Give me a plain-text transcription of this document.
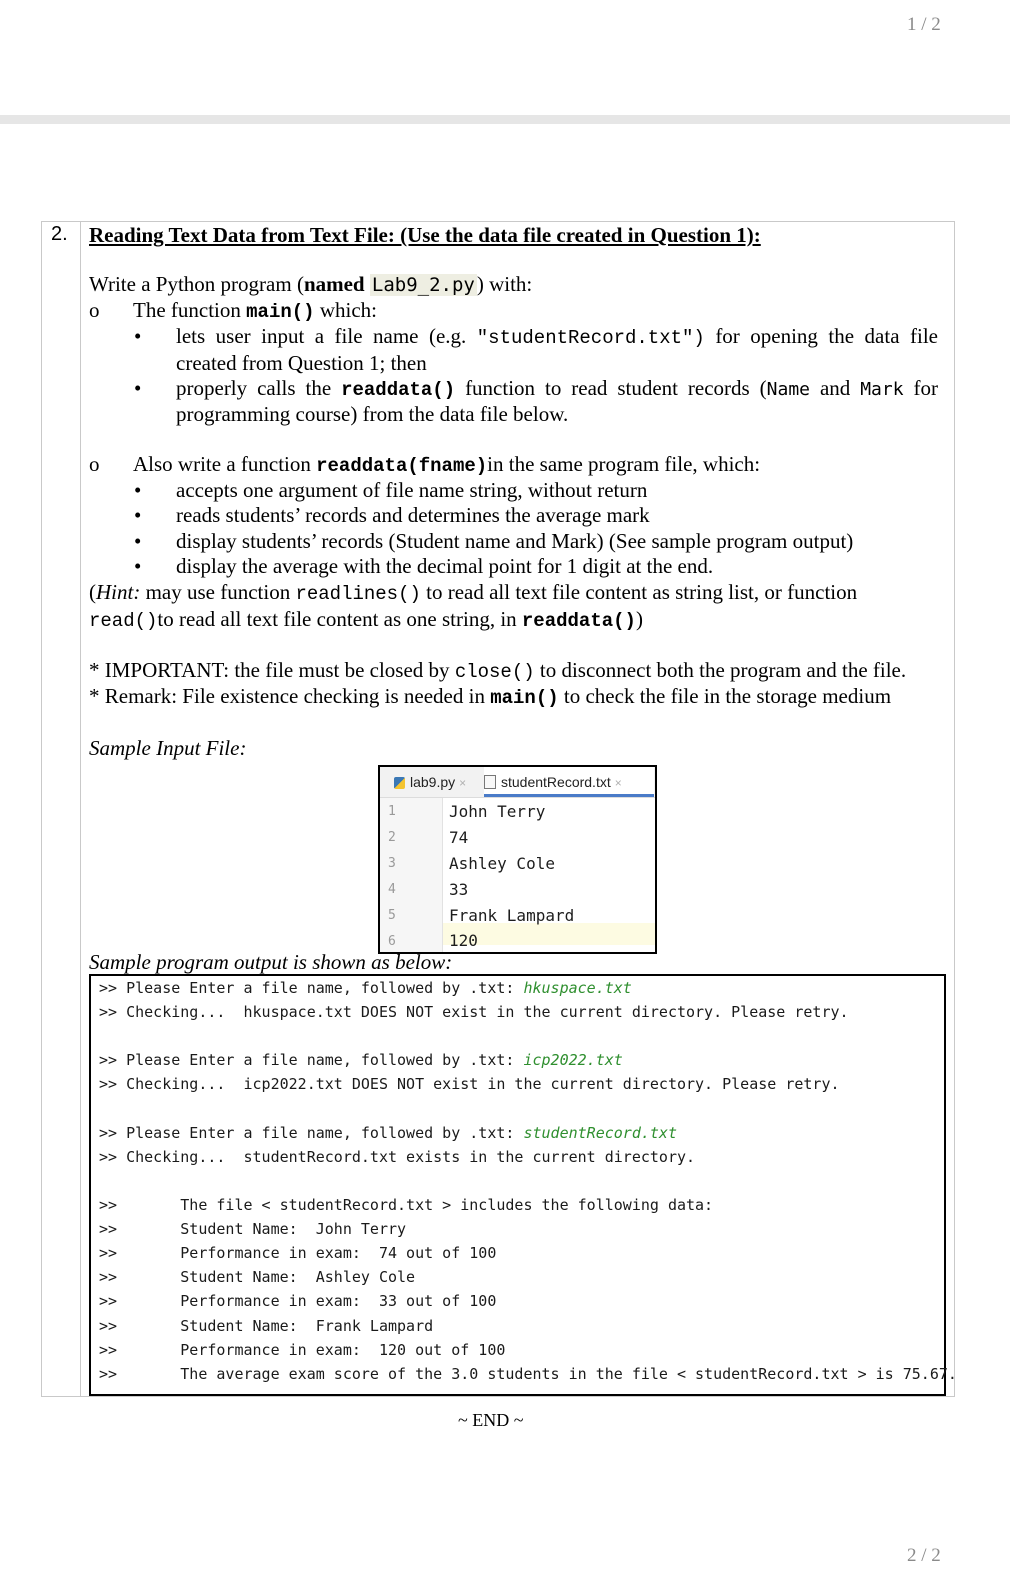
1 / 2
2. Reading Text Data from Text File: (Use the data file created in Question 1):
Write a Python program (named Lab9_2.py) with:
o The function main() which:
• lets user input a file name (e.g. "studentRecord.txt") for opening the data file
created from Question 1; then
• properly calls the readdata() function to read student records (Name and Mark for
programming course) from the data file below.
o Also write a function readdata(fname)in the same program file, which:
• accepts one argument of file name string, without return
• reads students’ records and determines the average mark
• display students’ records (Student name and Mark) (See sample program output)
• display the average with the decimal point for 1 digit at the end.
(Hint: may use function readlines() to read all text file content as string list, or function
read()to read all text file content as one string, in readdata())
* IMPORTANT: the file must be closed by close() to disconnect both the program and the file.
* Remark: File existence checking is needed in main() to check the file in the storage medium
Sample Input File:
lab9.py ×	studentRecord.txt ×
1
2
3
4
5
6
John Terry
74
Ashley Cole
33
Frank Lampard
120
Sample program output is shown as below:
>> Please Enter a file name, followed by .txt: hkuspace.txt
>> Checking...  hkuspace.txt DOES NOT exist in the current directory. Please retry.
>> Please Enter a file name, followed by .txt: icp2022.txt
>> Checking...  icp2022.txt DOES NOT exist in the current directory. Please retry.
>> Please Enter a file name, followed by .txt: studentRecord.txt
>> Checking...  studentRecord.txt exists in the current directory.
>>       The file < studentRecord.txt > includes the following data:
>>       Student Name:  John Terry
>>       Performance in exam:  74 out of 100
>>       Student Name:  Ashley Cole
>>       Performance in exam:  33 out of 100
>>       Student Name:  Frank Lampard
>>       Performance in exam:  120 out of 100
>>       The average exam score of the 3.0 students in the file < studentRecord.txt > is 75.67.
~ END ~
2 / 2
